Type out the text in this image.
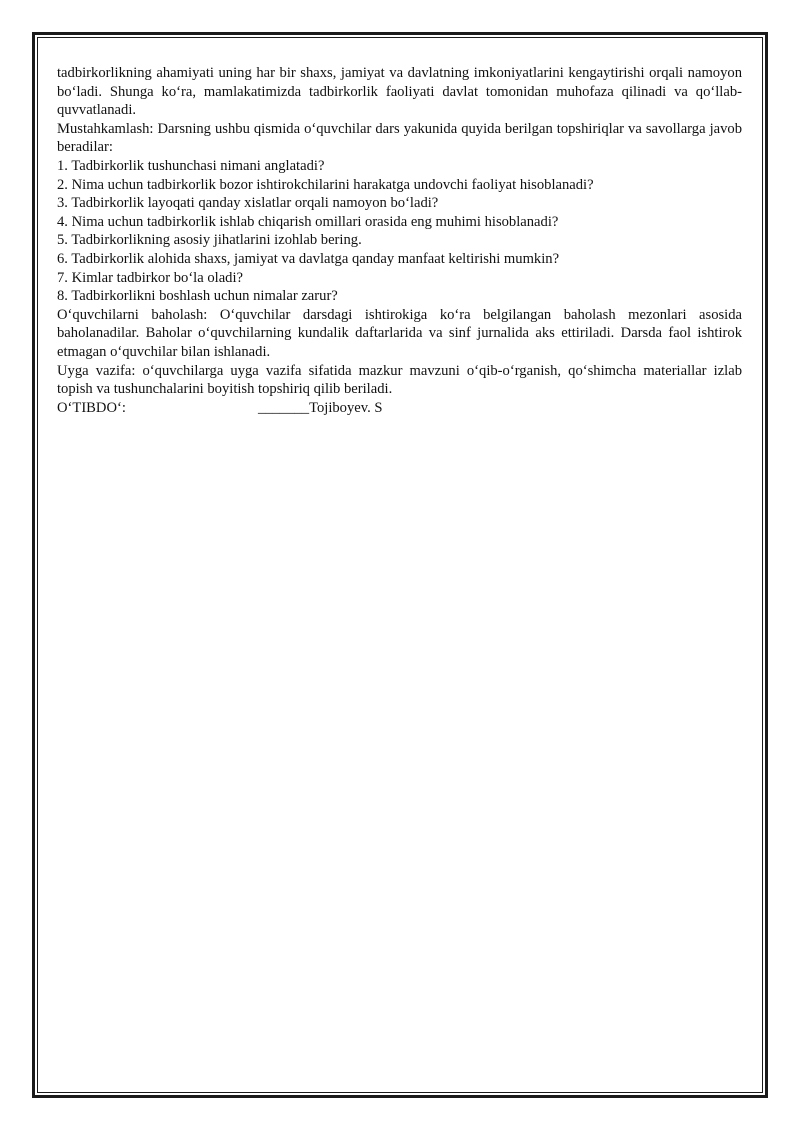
tadbirkorlikning ahamiyati uning har bir shaxs, jamiyat va davlatning imkoniyatlarini kengaytirishi orqali namoyon bo‘ladi. Shunga ko‘ra, mamlakatimizda tadbirkorlik faoliyati davlat tomonidan muhofaza qilinadi va qo‘llab-quvvatlanadi.

Mustahkamlash: Darsning ushbu qismida o‘quvchilar dars yakunida quyida berilgan topshiriqlar va savollarga javob beradilar:

1. Tadbirkorlik tushunchasi nimani anglatadi?
2. Nima uchun tadbirkorlik bozor ishtirokchilarini harakatga undovchi faoliyat hisoblanadi?
3. Tadbirkorlik layoqati qanday xislatlar orqali namoyon bo‘ladi?
4. Nima uchun tadbirkorlik ishlab chiqarish omillari orasida eng muhimi hisoblanadi?
5. Tadbirkorlikning asosiy jihatlarini izohlab bering.
6. Tadbirkorlik alohida shaxs, jamiyat va davlatga qanday manfaat keltirishi mumkin?
7. Kimlar tadbirkor bo‘la oladi?
8. Tadbirkorlikni boshlash uchun nimalar zarur?

O‘quvchilarni baholash: O‘quvchilar darsdagi ishtirokiga ko‘ra belgilangan baholash mezonlari asosida baholanadilar. Baholar o‘quvchilarning kundalik daftarlarida va sinf jurnalida aks ettiriladi. Darsda faol ishtirok etmagan o‘quvchilar bilan ishlanadi.

Uyga vazifa: o‘quvchilarga uyga vazifa sifatida mazkur mavzuni o‘qib-o‘rganish, qo‘shimcha materiallar izlab topish va tushunchalarini boyitish topshiriq qilib beriladi.

O‘TIBDO‘:	_______Tojiboyev. S
